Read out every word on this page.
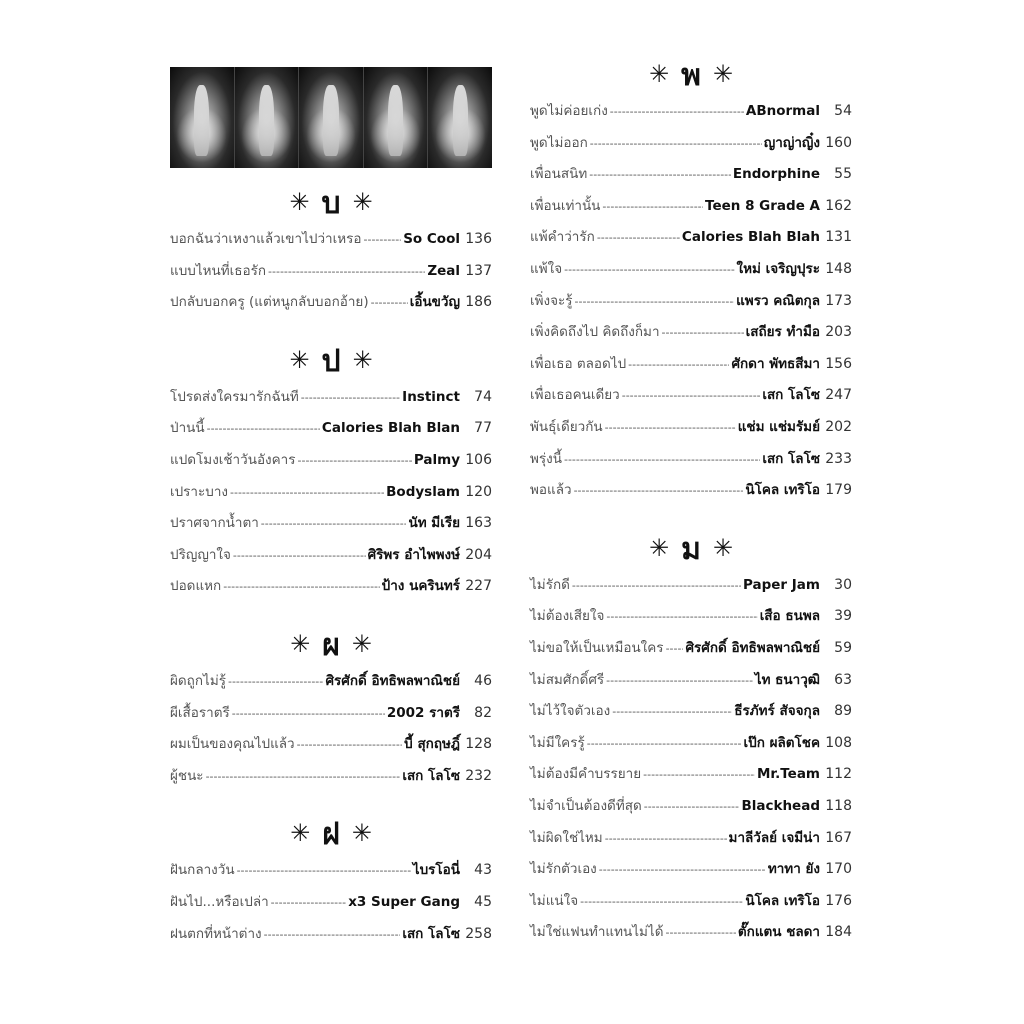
✳ บ ✳
บอกฉันว่าเหงาแล้วเขาไปว่าเหรอ -----	So Cool 136
แบบไหนที่เธอรัก -----	Zeal 137
ปกลับบอกครู (แต่หนูกลับบอกอ้าย) -----	เอิ้นขวัญ 186
✳ ป ✳
โปรดส่งใครมารักฉันที -----	Instinct	74
ป่านนี้ -----	Calories Blah Blan	77
แปดโมงเช้าวันอังคาร -----	Palmy 106
เปราะบาง -----	Bodyslam 120
ปราศจากน้ำตา -----	นัท มีเรีย 163
ปริญญาใจ -----	ศิริพร อำไพพงษ์ 204
ปอดแหก -----	ป้าง นครินทร์ 227
✳ ผ ✳
ผิดถูกไม่รู้ -----	ศิรศักดิ์ อิทธิพลพาณิชย์	46
ผีเสื้อราตรี -----	2002 ราตรี	82
ผมเป็นของคุณไปแล้ว -----	บี้ สุกฤษฎิ์ 128
ผู้ชนะ -----	เสก โลโซ 232
✳ ฝ ✳
ฝันกลางวัน -----	ไบรโอนี่	43
ฝันไป...หรือเปล่า -----	x3 Super Gang	45
ฝนตกที่หน้าต่าง -----	เสก โลโซ 258
✳ พ ✳
พูดไม่ค่อยเก่ง -----	ABnormal	54
พูดไม่ออก -----	ญาญ่าญิ๋ง 160
เพื่อนสนิท -----	Endorphine	55
เพื่อนเท่านั้น -----	Teen 8 Grade A 162
แพ้คำว่ารัก -----	Calories Blah Blah 131
แพ้ใจ -----	ใหม่ เจริญปุระ 148
เพิ่งจะรู้ -----	แพรว คณิตกุล 173
เพิ่งคิดถึงไป คิดถึงก็มา -----	เสถียร ทำมือ 203
เพื่อเธอ ตลอดไป -----	ศักดา พัทธสีมา 156
เพื่อเธอคนเดียว -----	เสก โลโซ 247
พันธุ์เดียวกัน -----	แช่ม แช่มรัมย์ 202
พรุ่งนี้ -----	เสก โลโซ 233
พอแล้ว -----	นิโคล เทริโอ 179
✳ ม ✳
ไม่รักดี -----	Paper Jam	30
ไม่ต้องเสียใจ -----	เสือ ธนพล	39
ไม่ขอให้เป็นเหมือนใคร ----- ศิรศักดิ์ อิทธิพลพาณิชย์	59
ไม่สมศักดิ์ศรี -----	ไท ธนาวุฒิ	63
ไม่ไว้ใจตัวเอง -----	ธีรภัทร์ สัจจกุล	89
ไม่มีใครรู้ -----	เป๊ก ผลิตโชค 108
ไม่ต้องมีคำบรรยาย -----	Mr.Team 112
ไม่จำเป็นต้องดีที่สุด -----	Blackhead 118
ไม่ผิดใช่ไหม -----	มาลีวัลย์ เจมีน่า 167
ไม่รักตัวเอง -----	ทาทา ยัง 170
ไม่แน่ใจ -----	นิโคล เทริโอ 176
ไม่ใช่แฟนทำแทนไม่ได้ -----	ตั๊กแตน ชลดา 184
